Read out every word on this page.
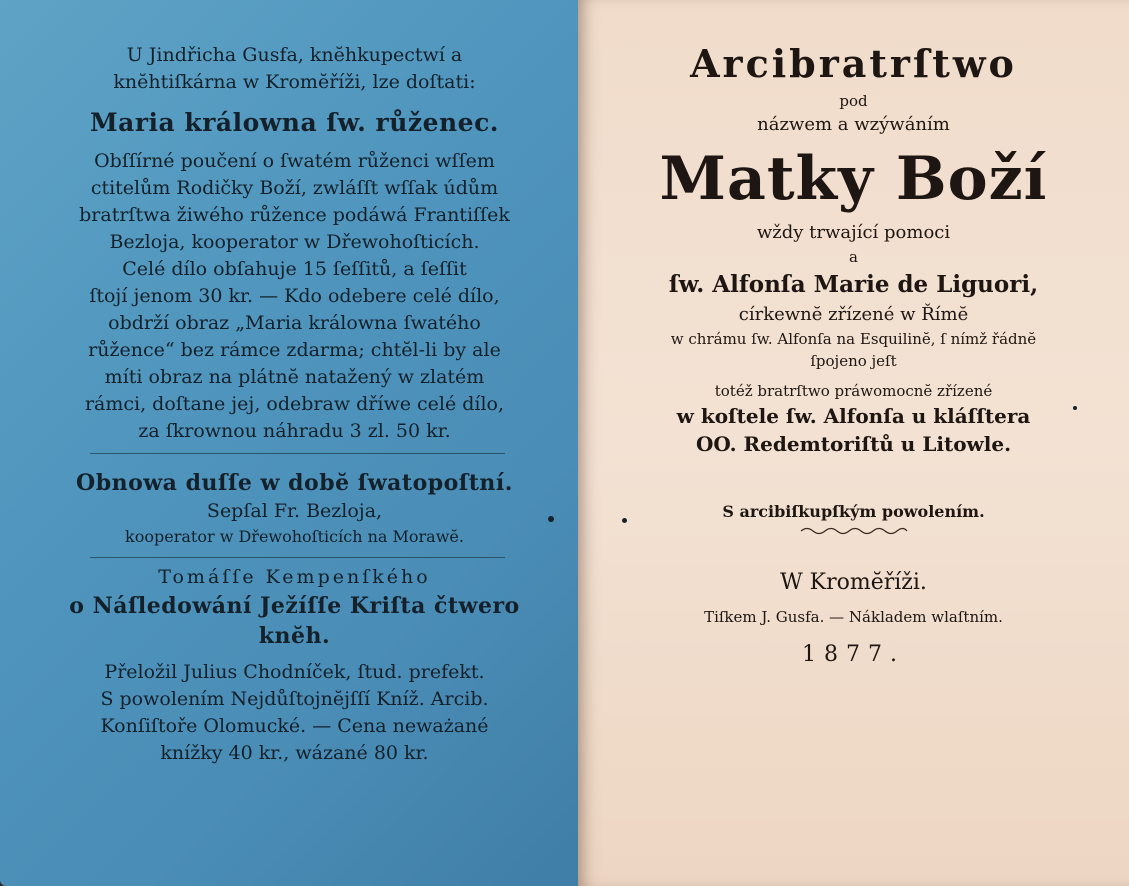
U Jindřicha Gusfa, knĕhkupectwí a
knĕhtiſkárna w Kromĕříži, lze doſtati:
Maria králowna ſw. růženec.
Obſſírné poučení o ſwatém růženci wſſem
ctitelům Rodičky Boží, zwláſſt wſſak údům
bratrſtwa žiwého růžence podáwá Frantiſſek
Bezloja, kooperator w Dřewohoſticích.
Celé dílo obſahuje 15 ſeſſitů, a ſeſſit
ſtojí jenom 30 kr. — Kdo odebere celé dílo,
obdrží obraz „Maria králowna ſwatého
růžence“ bez rámce zdarma; chtĕl-li by ale
míti obraz na plátnĕ natažený w zlatém
rámci, doſtane jej, odebraw dříwe celé dílo,
za ſkrownou náhradu 3 zl. 50 kr.
Obnowa duſſe w dobĕ ſwatopoſtní.
Sepſal Fr. Bezloja,
kooperator w Dřewohoſticích na Morawĕ.
Tomáſſe Kempenſkého
o Náſledowání Ježíſſe Kriſta čtwero
knĕh.
Přeložil Julius Chodníček, ſtud. prefekt.
S powolením Nejdůſtojnĕjſſí Kníž. Arcib.
Konſiſtoře Olomucké. — Cena neważané
knížky 40 kr., wázané 80 kr.
Arcibratrſtwo
pod
názwem a wzýwáním
Matky Boží
wždy trwající pomoci
a
ſw. Alfonſa Marie de Liguori,
církewnĕ zřízené w Římĕ
w chrámu ſw. Alfonſa na Esquilinĕ, ſ nímž řádnĕ
ſpojeno jeſt
totéž bratrſtwo práwomocnĕ zřízené
w koſtele ſw. Alfonſa u kláſſtera
OO. Redemtoriſtů u Litowle.
S arcibiſkupſkým powolením.
W Kromĕříži.
Tiſkem J. Gusfa. — Nákladem wlaſtním.
1877.
